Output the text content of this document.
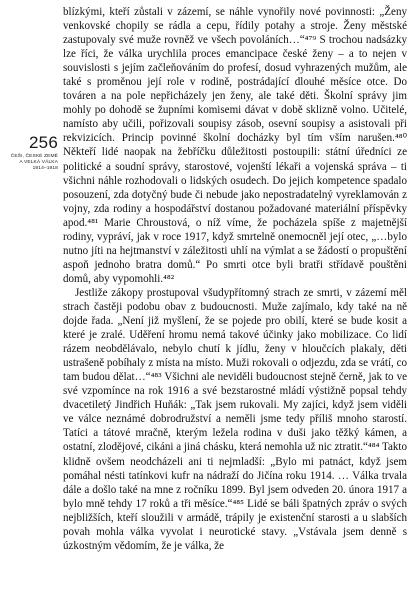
256
ČEŠI, ČESKÉ ZEMĚ
A VELKÁ VÁLKA
1914–1918

blízkými, kteří zůstali v zázemí, se náhle vynořily nové povinnosti: „Ženy venkovské chopily se rádla a cepu, řídily potahy a stroje. Ženy městské zastupovaly své muže rovněž ve všech povoláních…“⁴⁷⁹ S trochou nadsázky lze říci, že válka urychlila proces emancipace české ženy – a to nejen v souvislosti s jejím začleňováním do profesí, dosud vyhrazených mužům, ale také s proměnou její role v rodině, postrádající dlouhé měsíce otce. Do továren a na pole nepřicházely jen ženy, ale také děti. Školní správy jim mohly po dohodě se župními komisemi dávat v době sklizně volno. Učitelé, namísto aby učili, pořizovali soupisy zásob, osevní soupisy a asistovali při rekvizicích. Princip povinné školní docházky byl tím vším narušen.⁴⁸⁰ Někteří lidé naopak na žebříčku důležitosti postoupili: státní úředníci ze politické a soudní správy, starostové, vojenští lékaři a vojenská správa – ti všichni náhle rozhodovali o lidských osudech. Do jejich kompetence spadalo posouzení, zda dotyčný bude či nebude jako nepostradatelný vyreklamován z vojny, zda rodiny a hospodářství dostanou požadované materiální příspěvky apod.⁴⁸¹ Marie Chroustová, o níž víme, že pocházela spíše z majetnější rodiny, vypráví, jak v roce 1917, když smrtelně onemocněl její otec, „…bylo nutno jíti na hejtmanství v záležitosti uhlí na výmlat a se žádostí o propuštění aspoň jednoho bratra domů.“ Po smrti otce byli bratři střídavě pouštěni domů, aby vypomohli.⁴⁸²

Jestliže zákopy prostupoval všudypřítomný strach ze smrti, v zázemí měl strach častěji podobu obav z budoucnosti. Muže zajímalo, kdy také na ně dojde řada. „Není již myšlení, že se pojede pro obilí, které se bude kosit a které je zralé. Uděření hromu nemá takové účinky jako mobilizace. Co lidí rázem neobdělávalo, nebylo chutí k jídlu, ženy v hloučcích plakaly, děti ustrašeně pobíhaly z místa na místo. Muži rokovali o odjezdu, zda se vrátí, co tam budou dělat…“⁴⁸³ Všichni ale neviděli budoucnost stejně černě, jak to ve své vzpomínce na rok 1916 a své bezstarostné mládí výstižně popsal tehdy dvacetiletý Jindřich Huňák: „Tak jsem rukovali. My zajíci, když jsem viděli ve válce neznámé dobrodružství a neměli jsme tedy příliš mnoho starostí. Tatíci a tátové mračně, kterým ležela rodina v duši jako těžký kámen, a ostatní, zlodějové, cikáni a jiná chásku, která nemohla už nic ztratit.“⁴⁸⁴ Takto klidně ovšem neodcházeli ani ti nejmladší: „Bylo mi patnáct, když jsem pomáhal nésti tatínkovi kufr na nádraží do Jičína roku 1914. … Válka trvala dále a došlo také na mne z ročníku 1899. Byl jsem odveden 20. února 1917 a bylo mně tehdy 17 roků a tři měsíce.“⁴⁸⁵ Lidé se báli špatných zpráv o svých nejbližších, kteří sloužili v armádě, trápily je existenční starosti a u slabších povah mohla válka vyvolat i neurotické stavy. „Vstávala jsem denně s úzkostným vědomím, že je válka, že
